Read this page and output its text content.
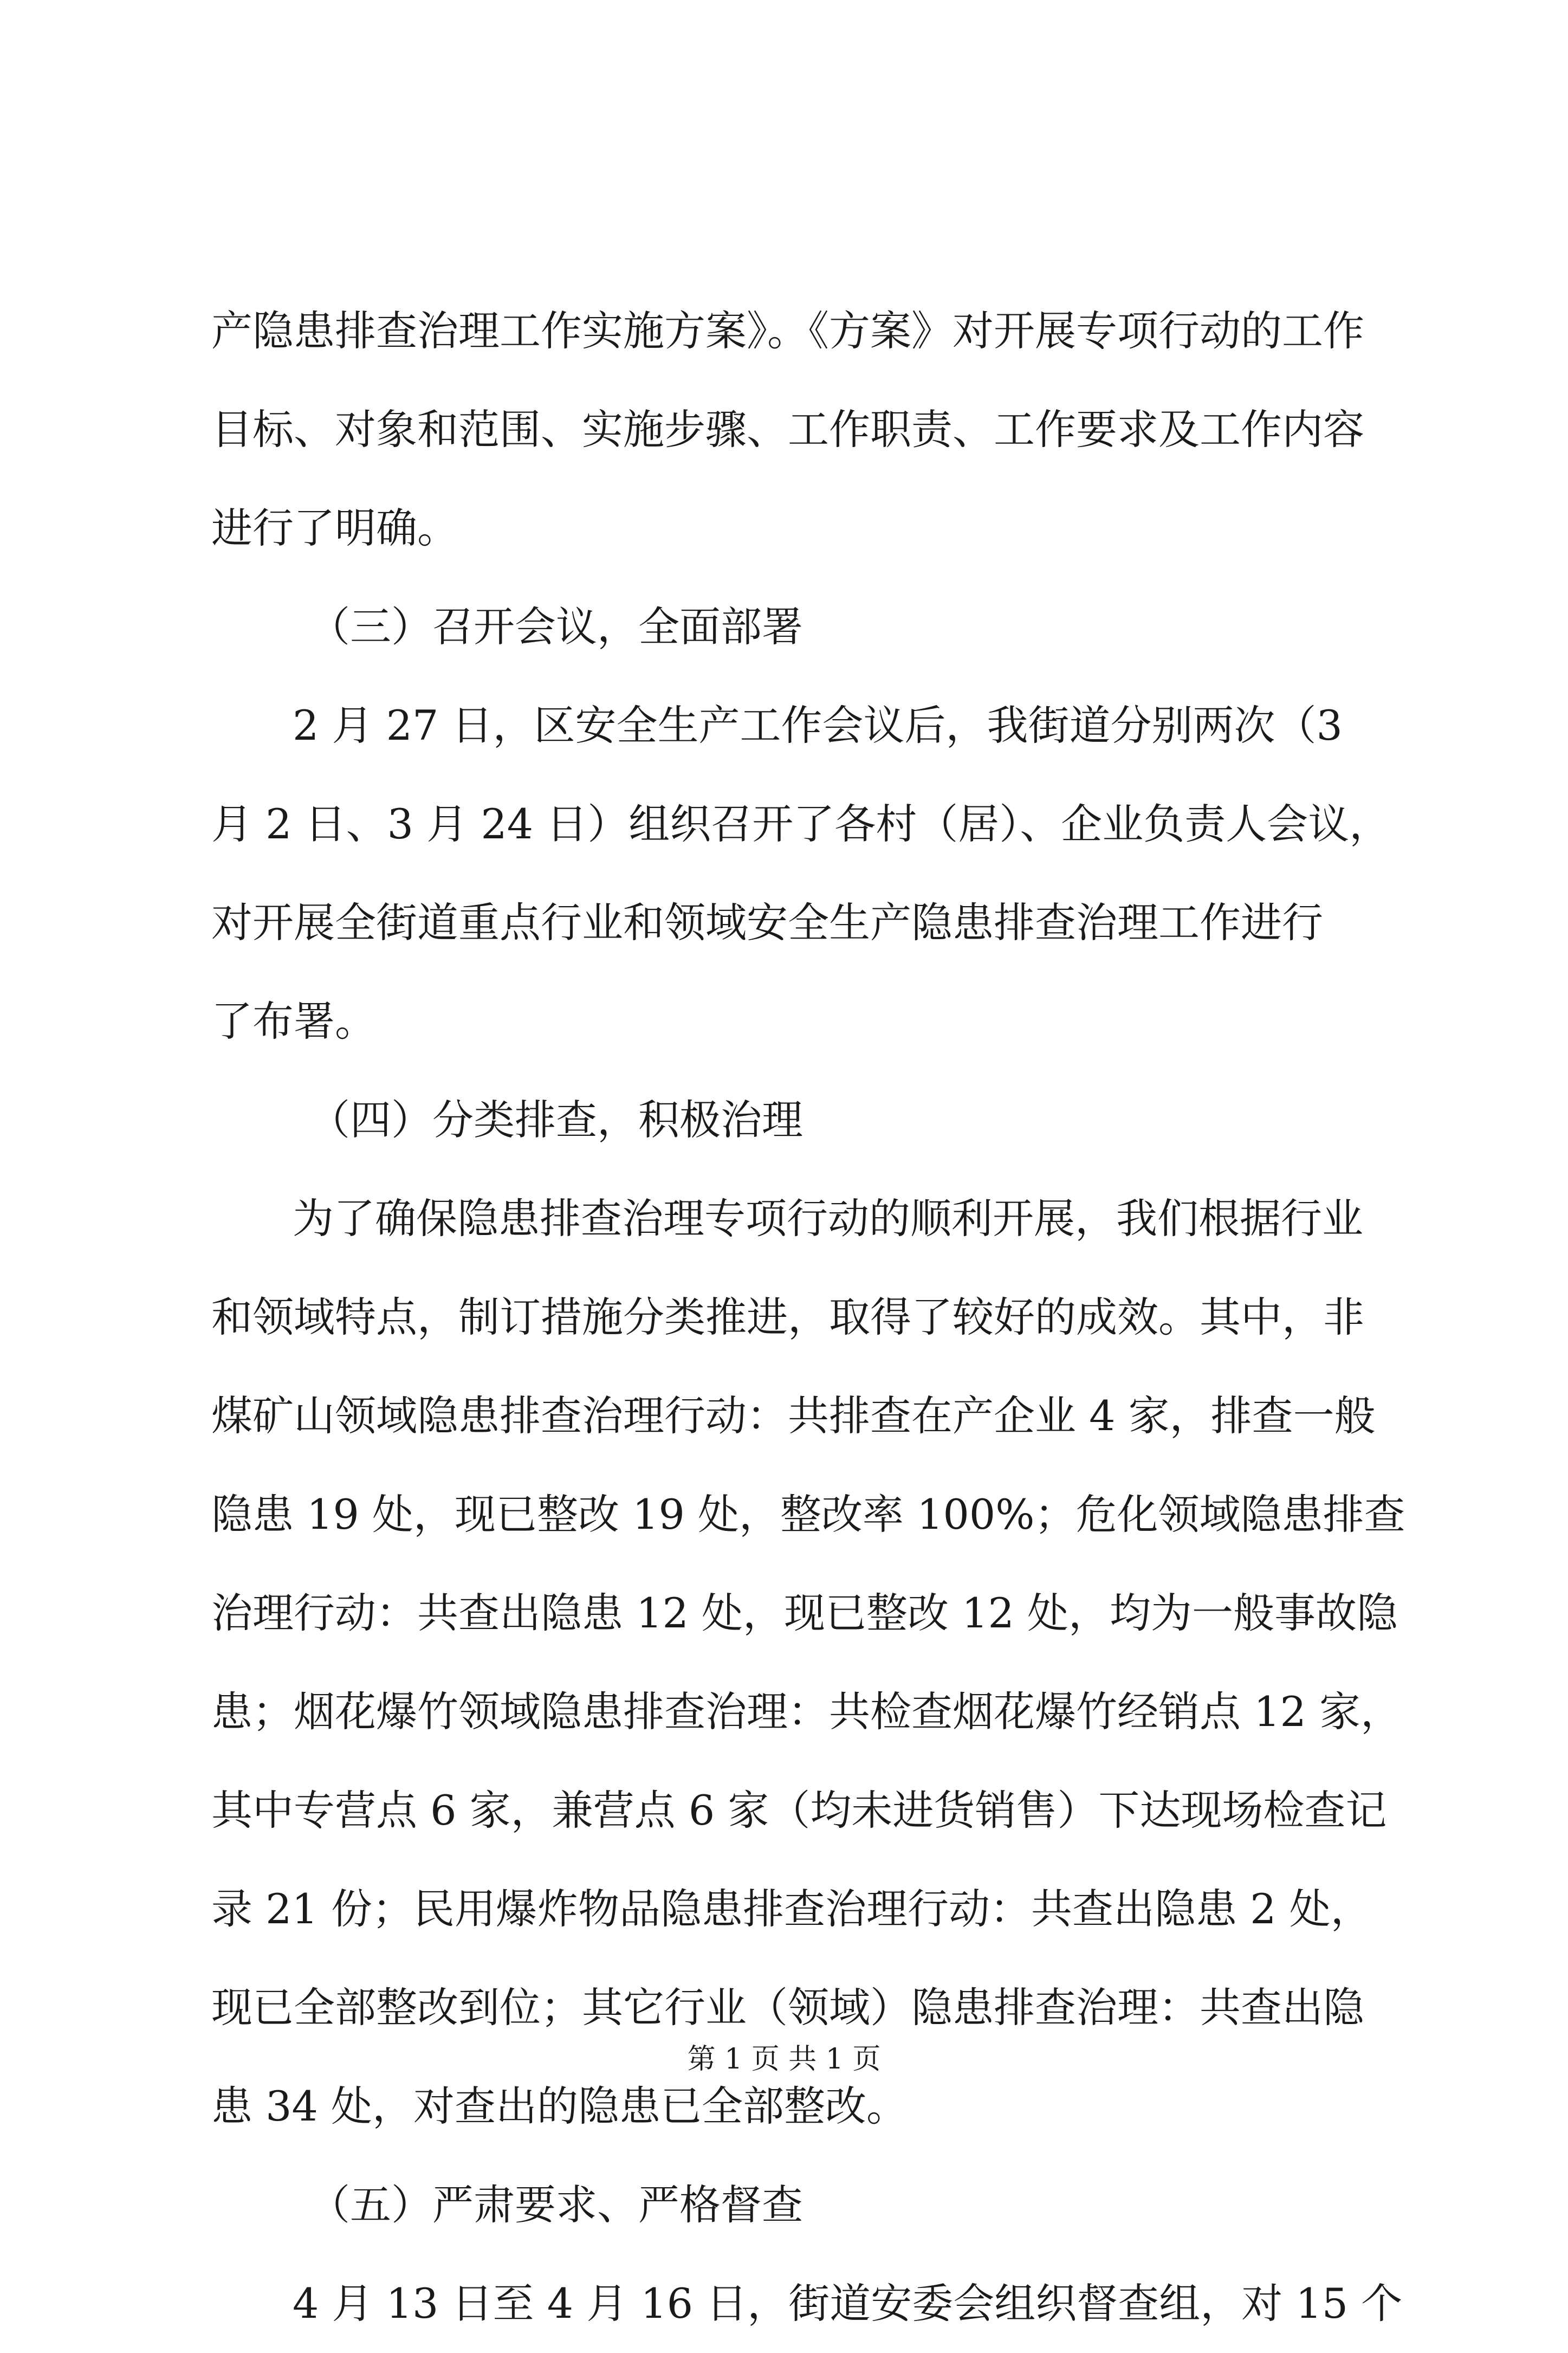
产隐患排查治理工作实施方案》。《方案》对开展专项行动的工作
目标、对象和范围、实施步骤、工作职责、工作要求及工作内容
进行了明确。
（三）召开会议，全面部署
2 月 27 日，区安全生产工作会议后，我街道分别两次（3
月 2 日、3 月 24 日）组织召开了各村（居）、企业负责人会议，
对开展全街道重点行业和领域安全生产隐患排查治理工作进行
了布署。
（四）分类排查，积极治理
为了确保隐患排查治理专项行动的顺利开展，我们根据行业
和领域特点，制订措施分类推进，取得了较好的成效。其中，非
煤矿山领域隐患排查治理行动：共排查在产企业 4 家，排查一般
隐患 19 处，现已整改 19 处，整改率 100%；危化领域隐患排查
治理行动：共查出隐患 12 处，现已整改 12 处，均为一般事故隐
患；烟花爆竹领域隐患排查治理：共检查烟花爆竹经销点 12 家，
其中专营点 6 家，兼营点 6 家（均未进货销售）下达现场检查记
录 21 份；民用爆炸物品隐患排查治理行动：共查出隐患 2 处，
现已全部整改到位；其它行业（领域）隐患排查治理：共查出隐
患 34 处，对查出的隐患已全部整改。
（五）严肃要求、严格督查
4 月 13 日至 4 月 16 日，街道安委会组织督查组，对 15 个
第 1 页 共 1 页
